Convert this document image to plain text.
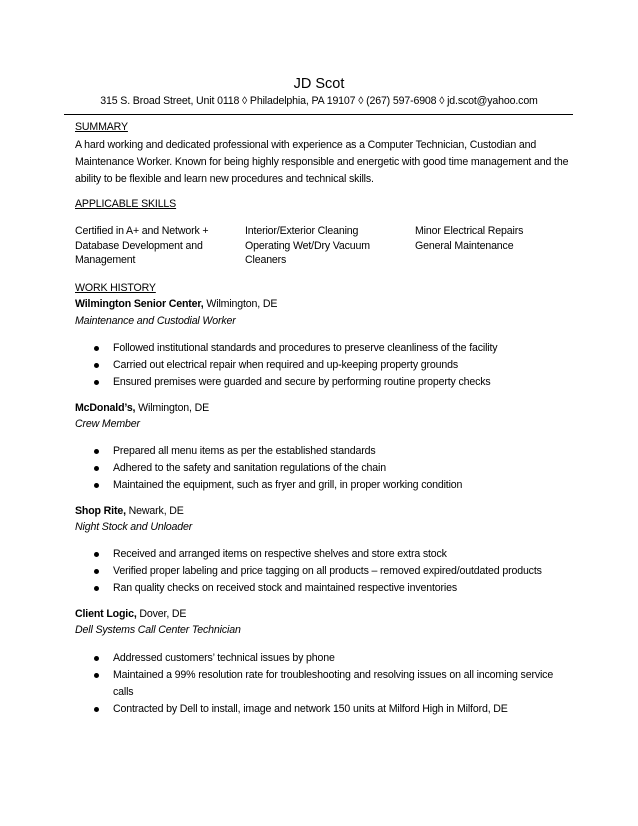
JD Scot
315 S. Broad Street, Unit 0118 ◊ Philadelphia, PA 19107 ◊ (267) 597-6908 ◊ jd.scot@yahoo.com
SUMMARY
A hard working and dedicated professional with experience as a Computer Technician, Custodian and Maintenance Worker. Known for being highly responsible and energetic with good time management and the ability to be flexible and learn new procedures and technical skills.
APPLICABLE SKILLS
Certified in A+ and Network +
Database Development and
Management
Interior/Exterior Cleaning
Operating Wet/Dry Vacuum
Cleaners
Minor Electrical Repairs
General Maintenance
WORK HISTORY
Wilmington Senior Center, Wilmington, DE
Maintenance and Custodial Worker
Followed institutional standards and procedures to preserve cleanliness of the facility
Carried out electrical repair when required and up-keeping property grounds
Ensured premises were guarded and secure by performing routine property checks
McDonald’s, Wilmington, DE
Crew Member
Prepared all menu items as per the established standards
Adhered to the safety and sanitation regulations of the chain
Maintained the equipment, such as fryer and grill, in proper working condition
Shop Rite, Newark, DE
Night Stock and Unloader
Received and arranged items on respective shelves and store extra stock
Verified proper labeling and price tagging on all products – removed expired/outdated products
Ran quality checks on received stock and maintained respective inventories
Client Logic, Dover, DE
Dell Systems Call Center Technician
Addressed customers’ technical issues by phone
Maintained a 99% resolution rate for troubleshooting and resolving issues on all incoming service calls
Contracted by Dell to install, image and network 150 units at Milford High in Milford, DE
